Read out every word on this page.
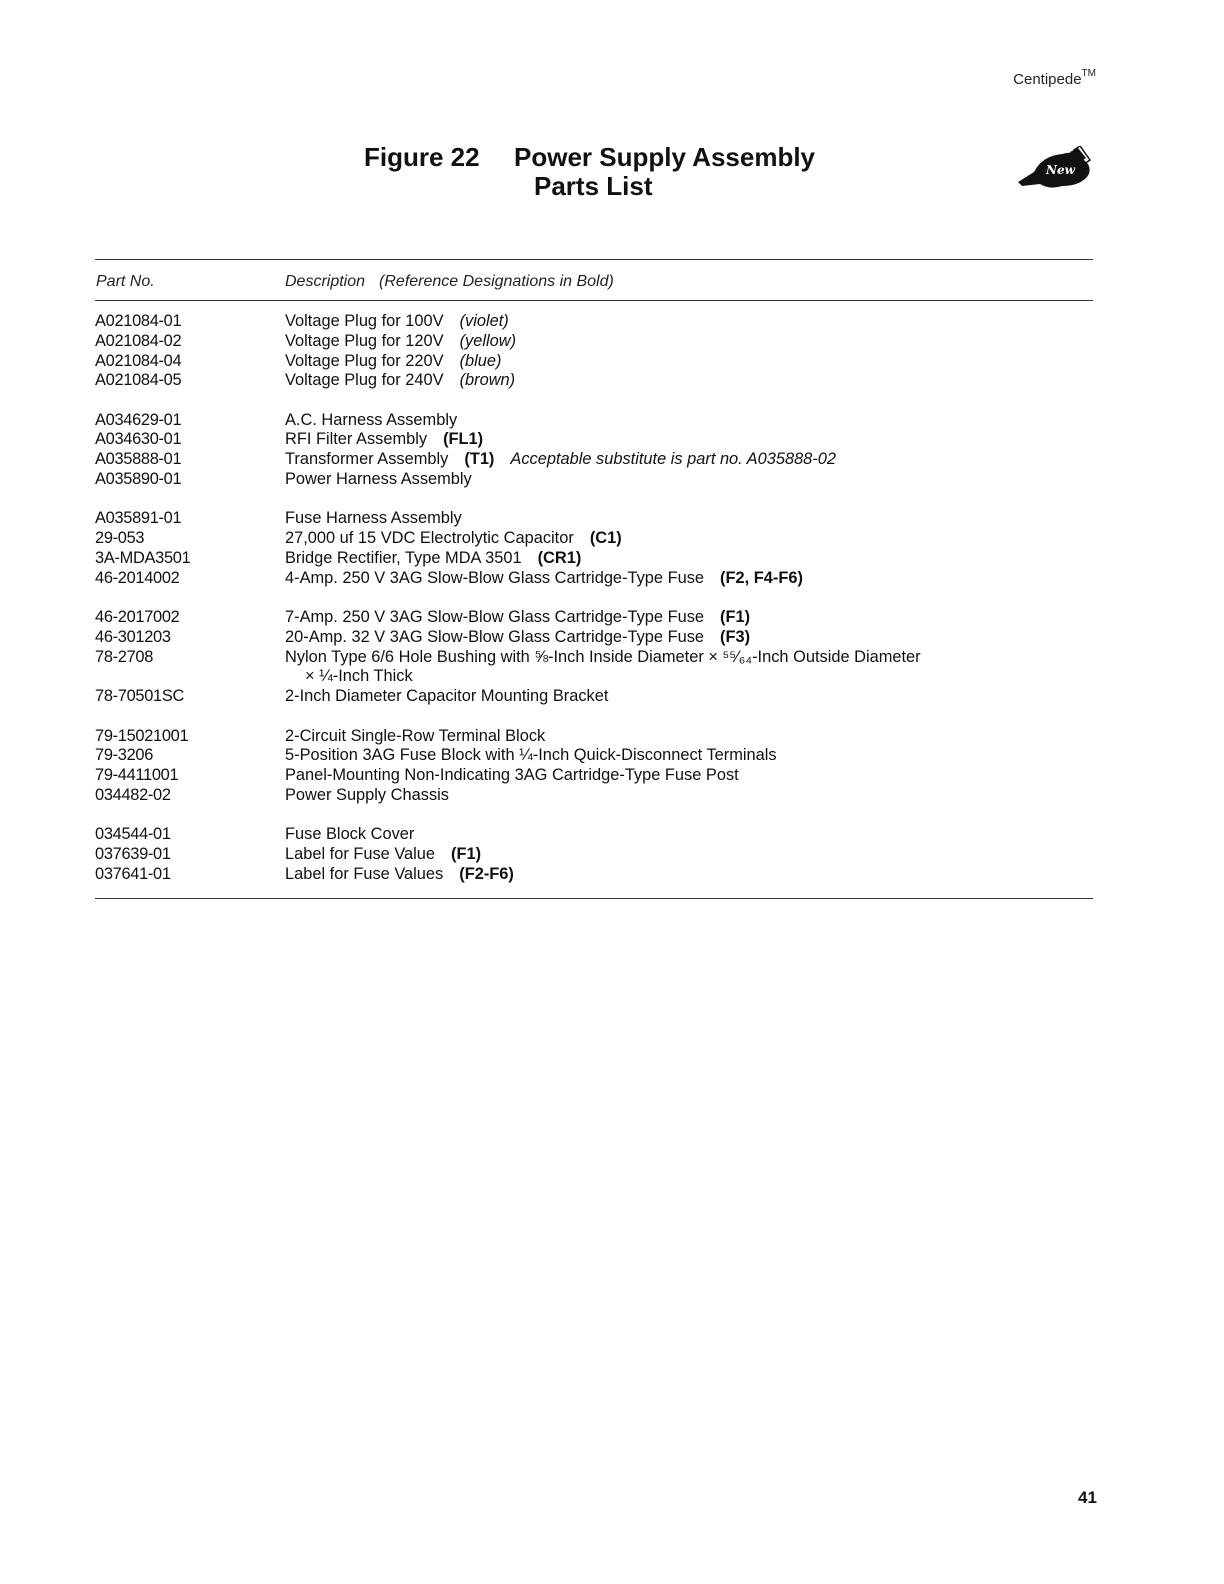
Centipede™
Figure 22 Power Supply Assembly
Parts List
New
Part No.	Description (Reference Designations in Bold)
A021084-01	Voltage Plug for 100V (violet)
A021084-02	Voltage Plug for 120V (yellow)
A021084-04	Voltage Plug for 220V (blue)
A021084-05	Voltage Plug for 240V (brown)
A034629-01	A.C. Harness Assembly
A034630-01	RFI Filter Assembly (FL1)
A035888-01	Transformer Assembly (T1) Acceptable substitute is part no. A035888-02
A035890-01	Power Harness Assembly
A035891-01	Fuse Harness Assembly
29-053	27,000 uf 15 VDC Electrolytic Capacitor (C1)
3A-MDA3501	Bridge Rectifier, Type MDA 3501 (CR1)
46-2014002	4-Amp. 250 V 3AG Slow-Blow Glass Cartridge-Type Fuse (F2, F4-F6)
46-2017002	7-Amp. 250 V 3AG Slow-Blow Glass Cartridge-Type Fuse (F1)
46-301203	20-Amp. 32 V 3AG Slow-Blow Glass Cartridge-Type Fuse (F3)
78-2708	Nylon Type 6/6 Hole Bushing with ⅝-Inch Inside Diameter × ⁵⁵⁄₆₄-Inch Outside Diameter
× ¼-Inch Thick
78-70501SC	2-Inch Diameter Capacitor Mounting Bracket
79-15021001	2-Circuit Single-Row Terminal Block
79-3206	5-Position 3AG Fuse Block with ¼-Inch Quick-Disconnect Terminals
79-4411001	Panel-Mounting Non-Indicating 3AG Cartridge-Type Fuse Post
034482-02	Power Supply Chassis
034544-01	Fuse Block Cover
037639-01	Label for Fuse Value (F1)
037641-01	Label for Fuse Values (F2-F6)
41
